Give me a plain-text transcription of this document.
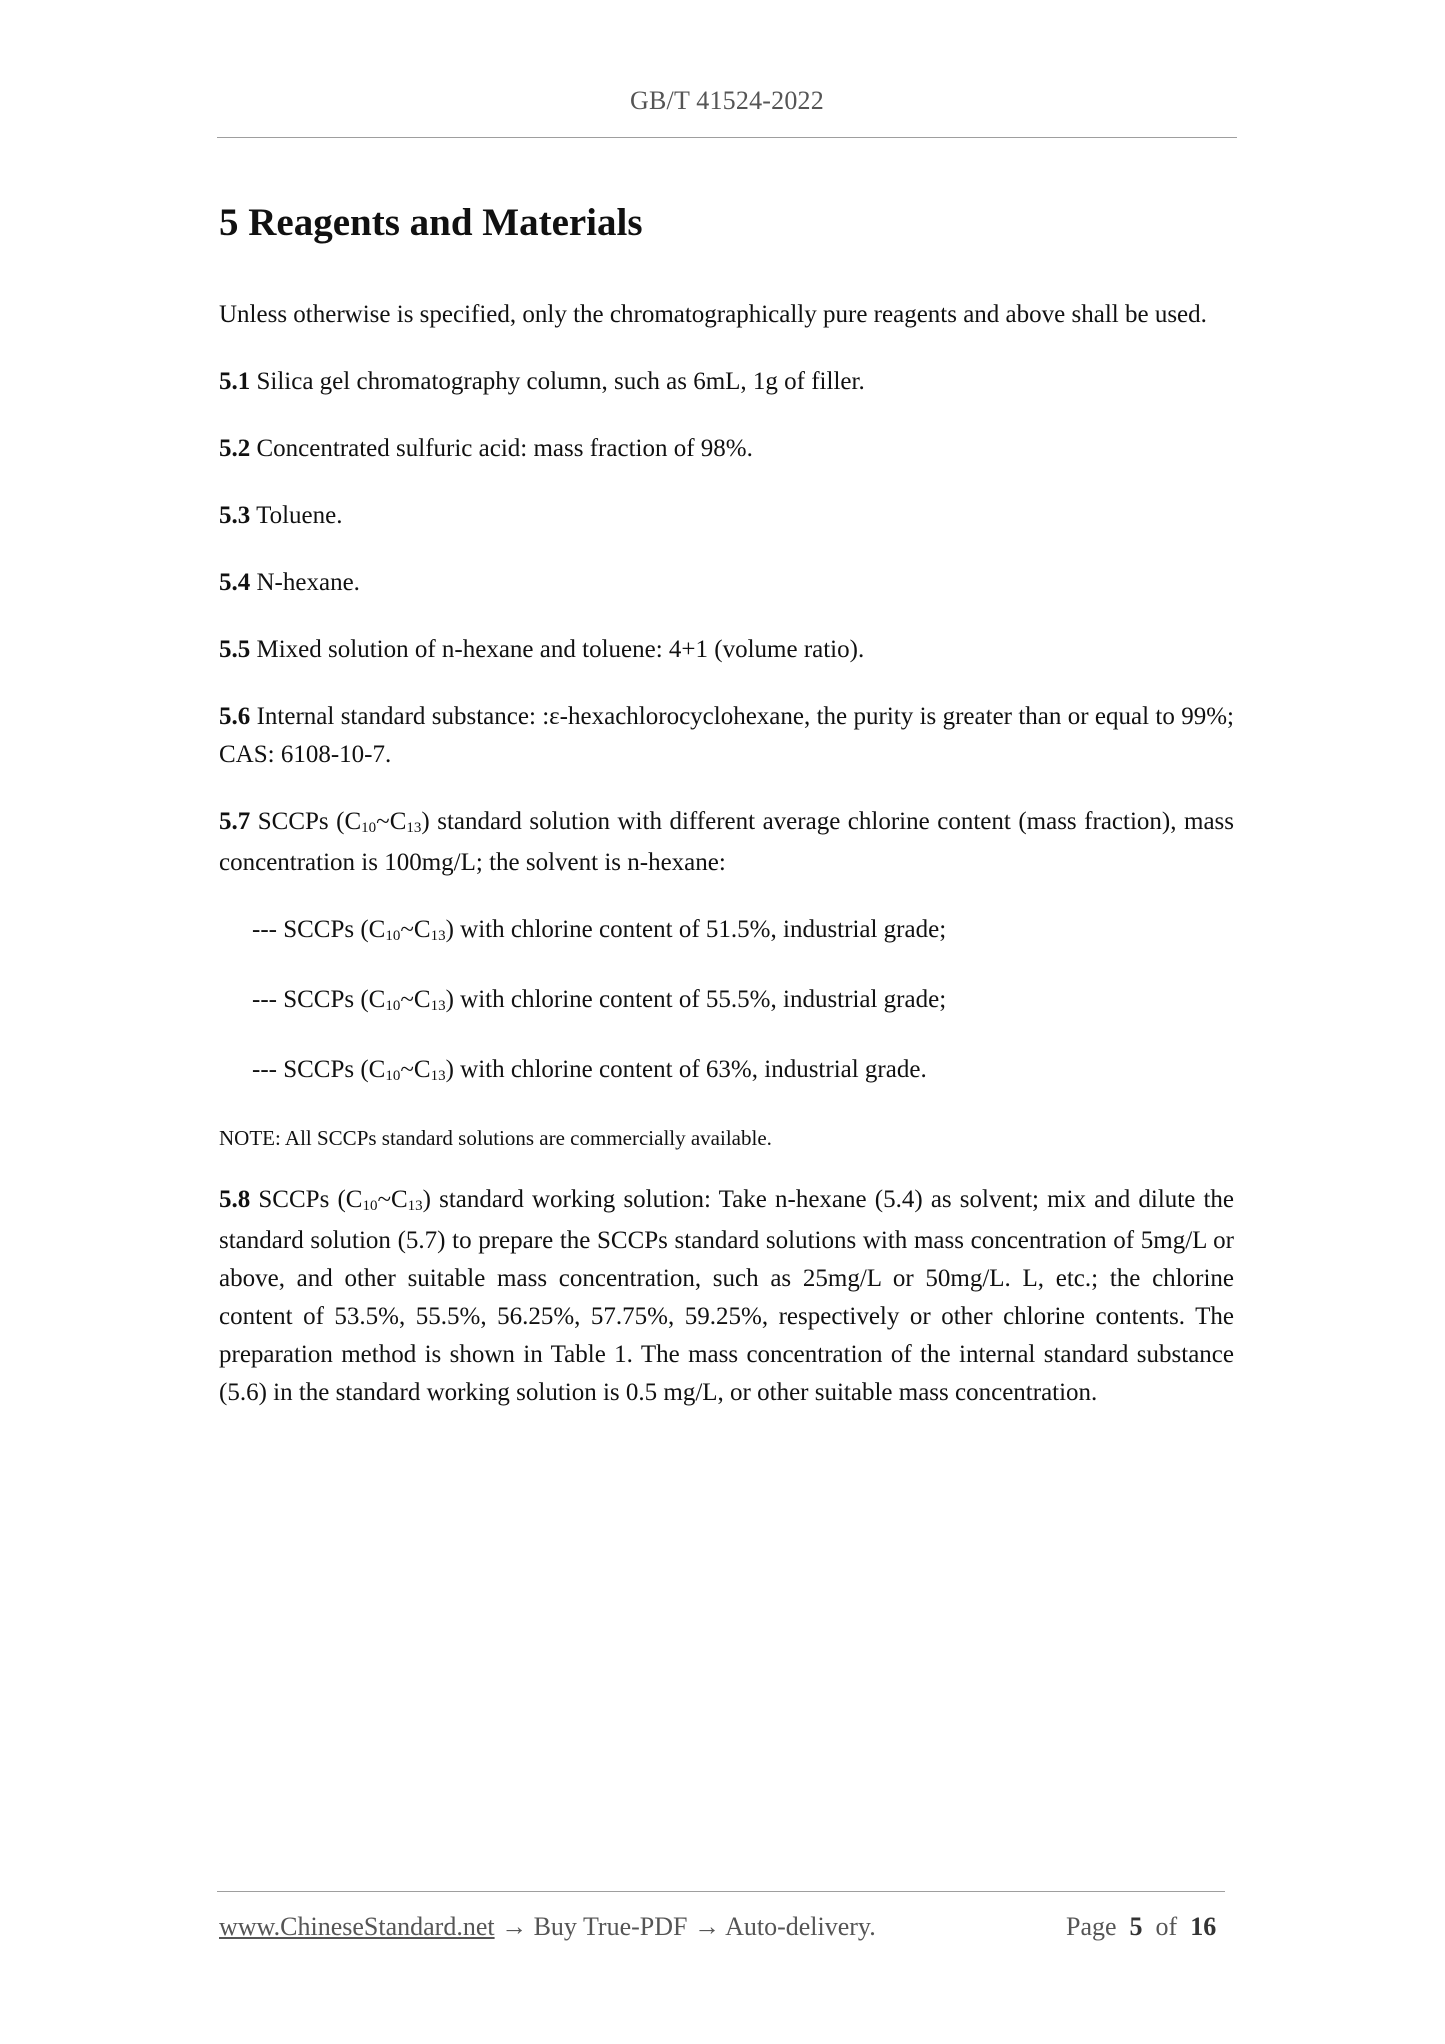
GB/T 41524-2022
5 Reagents and Materials

Unless otherwise is specified, only the chromatographically pure reagents and above shall be used.

5.1 Silica gel chromatography column, such as 6mL, 1g of filler.

5.2 Concentrated sulfuric acid: mass fraction of 98%.

5.3 Toluene.

5.4 N-hexane.

5.5 Mixed solution of n-hexane and toluene: 4+1 (volume ratio).

5.6 Internal standard substance: :ε-hexachlorocyclohexane, the purity is greater than or equal to 99%; CAS: 6108-10-7.

5.7 SCCPs $(C_{10}\sim C_{13})$ standard solution with different average chlorine content (mass fraction), mass concentration is 100mg/L; the solvent is n-hexane:

--- SCCPs $(C_{10}\sim C_{13})$ with chlorine content of 51.5%, industrial grade;
--- SCCPs $(C_{10}\sim C_{13})$ with chlorine content of 55.5%, industrial grade;
--- SCCPs $(C_{10}\sim C_{13})$ with chlorine content of 63%, industrial grade.

NOTE: All SCCPs standard solutions are commercially available.

5.8 SCCPs $(C_{10}\sim C_{13})$ standard working solution: Take n-hexane (5.4) as solvent; mix and dilute the standard solution (5.7) to prepare the SCCPs standard solutions with mass concentration of 5mg/L or above, and other suitable mass concentration, such as 25mg/L or 50mg/L. L, etc.; the chlorine content of 53.5%, 55.5%, 56.25%, 57.75%, 59.25%, respectively or other chlorine contents. The preparation method is shown in Table 1. The mass concentration of the internal standard substance (5.6) in the standard working solution is 0.5 mg/L, or other suitable mass concentration.

www.ChineseStandard.net → Buy True-PDF → Auto-delivery.	Page 5 of 16
